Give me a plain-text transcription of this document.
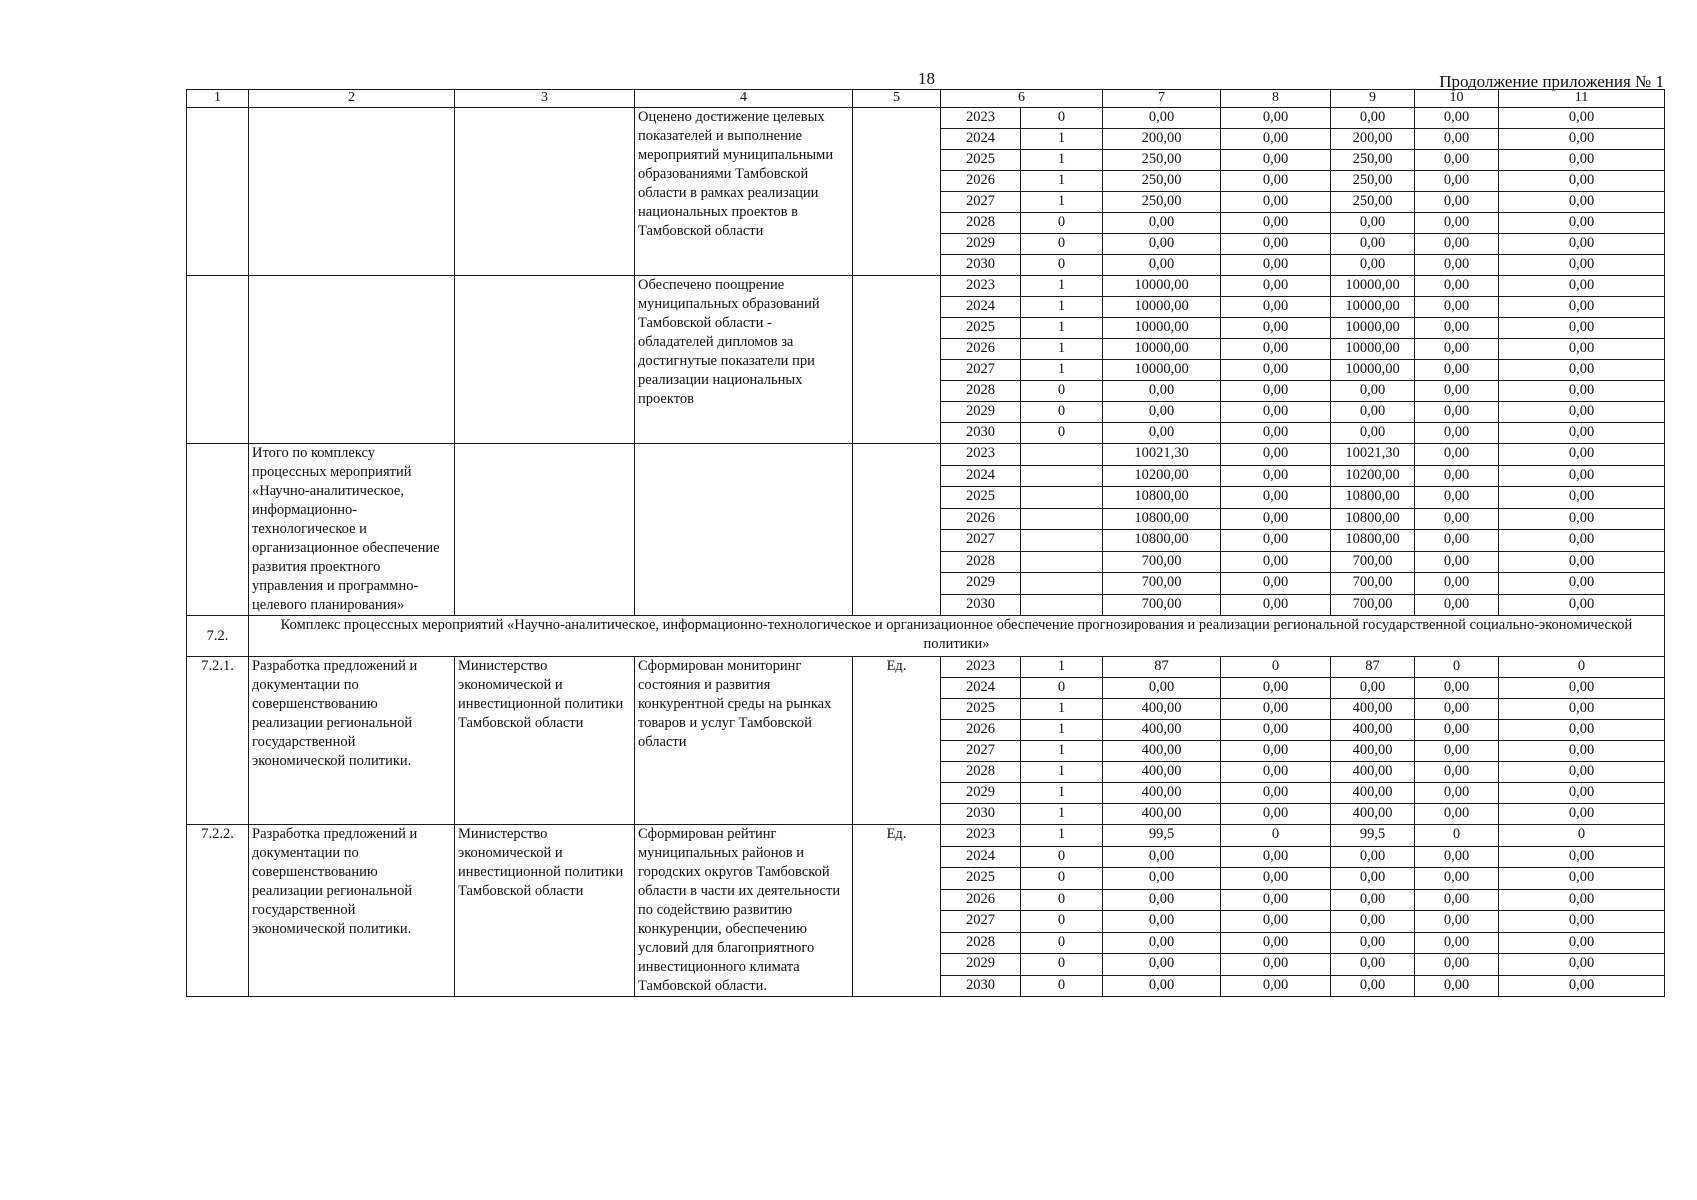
18	Продолжение приложения № 1
1	2	3	4	5	6		7	8	9	10	11
			Оценено достижение целевых показателей и выполнение мероприятий муниципальными образованиями Тамбовской области в рамках реализации национальных проектов в Тамбовской области		2023	0	0,00	0,00	0,00	0,00	0,00
					2024	1	200,00	0,00	200,00	0,00	0,00
					2025	1	250,00	0,00	250,00	0,00	0,00
					2026	1	250,00	0,00	250,00	0,00	0,00
					2027	1	250,00	0,00	250,00	0,00	0,00
					2028	0	0,00	0,00	0,00	0,00	0,00
					2029	0	0,00	0,00	0,00	0,00	0,00
					2030	0	0,00	0,00	0,00	0,00	0,00
			Обеспечено поощрение муниципальных образований Тамбовской области - обладателей дипломов за достигнутые показатели при реализации национальных проектов		2023	1	10000,00	0,00	10000,00	0,00	0,00
					2024	1	10000,00	0,00	10000,00	0,00	0,00
					2025	1	10000,00	0,00	10000,00	0,00	0,00
					2026	1	10000,00	0,00	10000,00	0,00	0,00
					2027	1	10000,00	0,00	10000,00	0,00	0,00
					2028	0	0,00	0,00	0,00	0,00	0,00
					2029	0	0,00	0,00	0,00	0,00	0,00
					2030	0	0,00	0,00	0,00	0,00	0,00
	Итого по комплексу процессных мероприятий «Научно-аналитическое, информационно-технологическое и организационное обеспечение развития проектного управления и программно-целевого планирования»				2023		10021,30	0,00	10021,30	0,00	0,00
					2024		10200,00	0,00	10200,00	0,00	0,00
					2025		10800,00	0,00	10800,00	0,00	0,00
					2026		10800,00	0,00	10800,00	0,00	0,00
					2027		10800,00	0,00	10800,00	0,00	0,00
					2028		700,00	0,00	700,00	0,00	0,00
					2029		700,00	0,00	700,00	0,00	0,00
					2030		700,00	0,00	700,00	0,00	0,00
7.2.	Комплекс процессных мероприятий «Научно-аналитическое, информационно-технологическое и организационное обеспечение прогнозирования и реализации региональной государственной социально-экономической политики»										
7.2.1.	Разработка предложений и документации по совершенствованию реализации региональной государственной экономической политики.	Министерство экономической и инвестиционной политики Тамбовской области	Сформирован мониторинг состояния и развития конкурентной среды на рынках товаров и услуг Тамбовской области	Ед.	2023	1	87	0	87	0	0
					2024	0	0,00	0,00	0,00	0,00	0,00
					2025	1	400,00	0,00	400,00	0,00	0,00
					2026	1	400,00	0,00	400,00	0,00	0,00
					2027	1	400,00	0,00	400,00	0,00	0,00
					2028	1	400,00	0,00	400,00	0,00	0,00
					2029	1	400,00	0,00	400,00	0,00	0,00
					2030	1	400,00	0,00	400,00	0,00	0,00
7.2.2.	Разработка предложений и документации по совершенствованию реализации региональной государственной экономической политики.	Министерство экономической и инвестиционной политики Тамбовской области	Сформирован рейтинг муниципальных районов и городских округов Тамбовской области в части их деятельности по содействию развитию конкуренции, обеспечению условий для благоприятного инвестиционного климата Тамбовской области.	Ед.	2023	1	99,5	0	99,5	0	0
					2024	0	0,00	0,00	0,00	0,00	0,00
					2025	0	0,00	0,00	0,00	0,00	0,00
					2026	0	0,00	0,00	0,00	0,00	0,00
					2027	0	0,00	0,00	0,00	0,00	0,00
					2028	0	0,00	0,00	0,00	0,00	0,00
					2029	0	0,00	0,00	0,00	0,00	0,00
					2030	0	0,00	0,00	0,00	0,00	0,00
